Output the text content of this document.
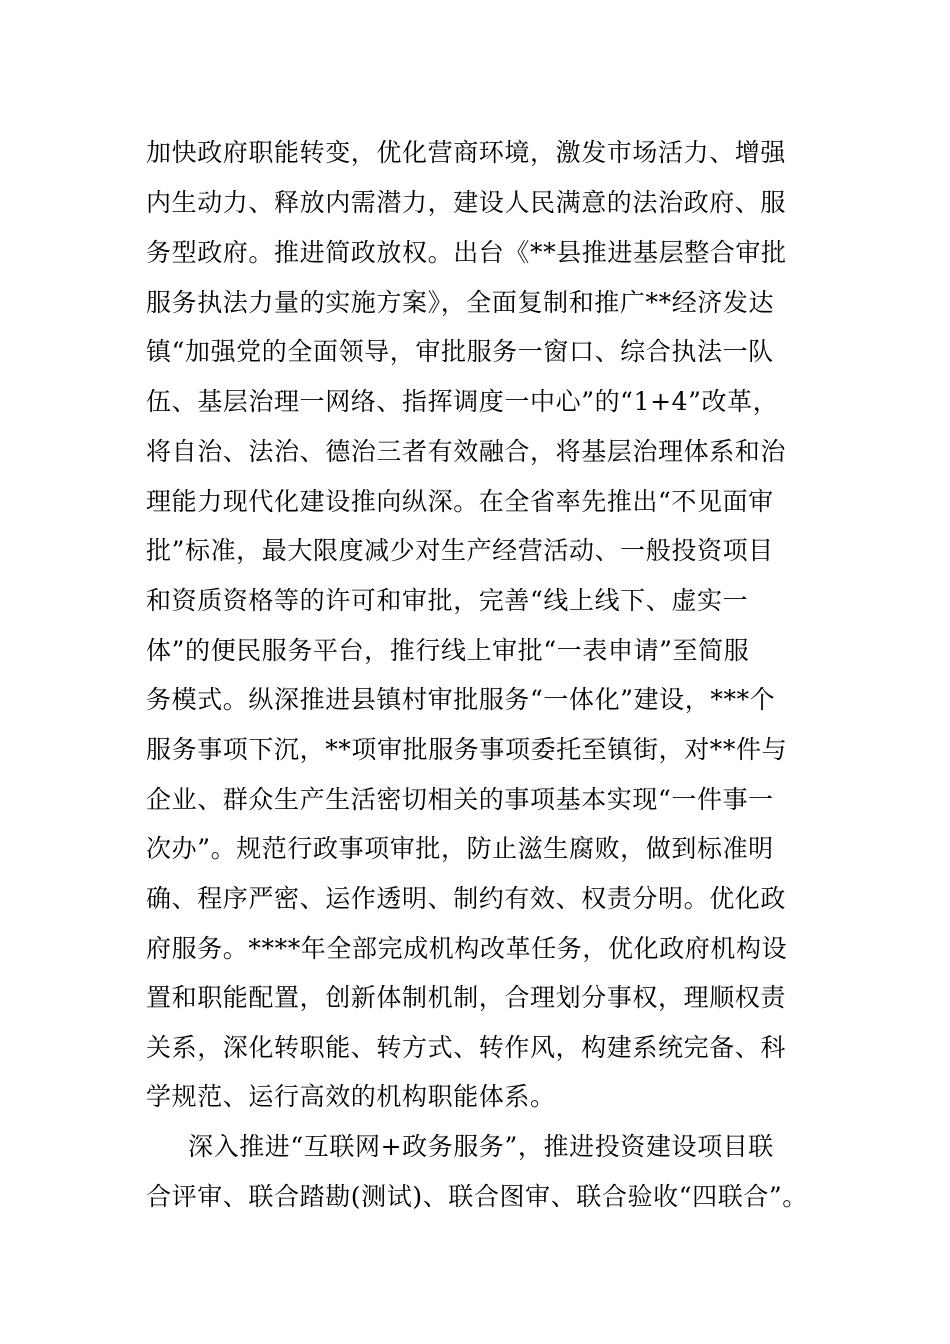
加快政府职能转变，优化营商环境，激发市场活力、增强
内生动力、释放内需潜力，建设人民满意的法治政府、服
务型政府。推进简政放权。出台《**县推进基层整合审批
服务执法力量的实施方案》，全面复制和推广**经济发达
镇“加强党的全面领导，审批服务一窗口、综合执法一队
伍、基层治理一网络、指挥调度一中心”的“1+4”改革，
将自治、法治、德治三者有效融合，将基层治理体系和治
理能力现代化建设推向纵深。在全省率先推出“不见面审
批”标准，最大限度减少对生产经营活动、一般投资项目
和资质资格等的许可和审批，完善“线上线下、虚实一
体”的便民服务平台，推行线上审批“一表申请”至简服
务模式。纵深推进县镇村审批服务“一体化”建设，***个
服务事项下沉，**项审批服务事项委托至镇街，对**件与
企业、群众生产生活密切相关的事项基本实现“一件事一
次办”。规范行政事项审批，防止滋生腐败，做到标准明
确、程序严密、运作透明、制约有效、权责分明。优化政
府服务。****年全部完成机构改革任务，优化政府机构设
置和职能配置，创新体制机制，合理划分事权，理顺权责
关系，深化转职能、转方式、转作风，构建系统完备、科
学规范、运行高效的机构职能体系。
深入推进“互联网+政务服务”，推进投资建设项目联
合评审、联合踏勘(测试)、联合图审、联合验收“四联合”。
